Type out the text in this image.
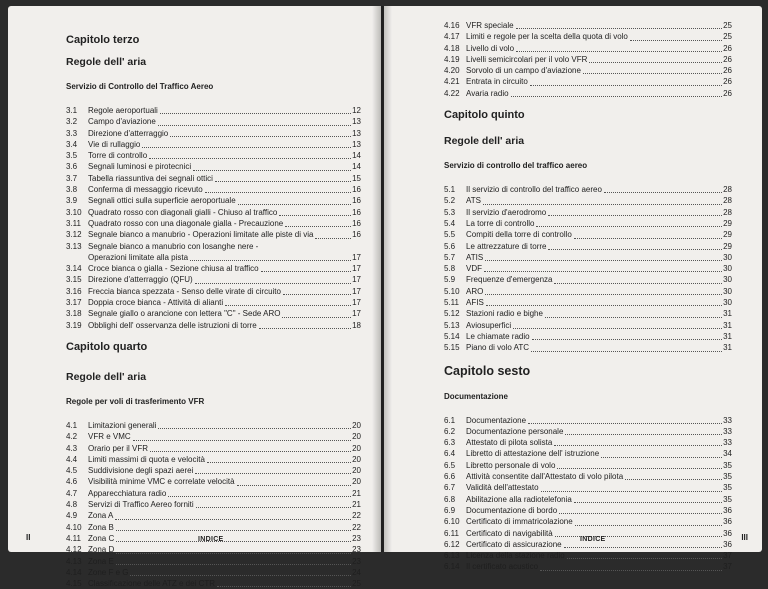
Capitolo terzo
Regole dell' aria
Servizio di Controllo del Traffico Aereo
3.1	Regole aeroportuali	12
3.2	Campo d'aviazione	13
3.3	Direzione d'atterraggio	13
3.4	Vie di rullaggio	13
3.5	Torre di controllo	14
3.6	Segnali luminosi e pirotecnici	14
3.7	Tabella riassuntiva dei segnali ottici	15
3.8	Conferma di messaggio ricevuto	16
3.9	Segnali ottici sulla superficie aeroportuale	16
3.10 Quadrato rosso con diagonali gialli - Chiuso al traffico	16
3.11 Quadrato rosso con una diagonale gialla - Precauzione	16
3.12 Segnale bianco a manubrio - Operazioni limitate alle piste di via	16
3.13 Segnale bianco a manubrio con losanghe nere -
Operazioni limitate alla pista	17
3.14 Croce bianca o gialla - Sezione chiusa al traffico	17
3.15 Direzione d'atterraggio (QFU)	17
3.16 Freccia bianca spezzata - Senso delle virate di circuito	17
3.17 Doppia croce bianca - Attività di alianti	17
3.18 Segnale giallo o arancione con lettera "C" - Sede ARO	17
3.19 Obblighi dell' osservanza delle istruzioni di torre	18
Capitolo quarto
Regole dell' aria
Regole per voli di trasferimento VFR
4.1	Limitazioni generali	20
4.2	VFR e VMC	20
4.3	Orario per il VFR	20
4.4	Limiti massimi di quota e velocità	20
4.5	Suddivisione degli spazi aerei	20
4.6	Visibilità minime VMC e correlate velocità	20
4.7	Apparecchiatura radio	21
4.8	Servizi di Traffico Aereo forniti	21
4.9	Zona A	22
4.10 Zona B	22
4.11 Zona C	23
4.12 Zona D	23
4.13 Zona E	23
4.14 Zone F e G	24
4.15 Classificazione delle ATZ e dei CTR	25
II	INDICE
4.16 VFR speciale	25
4.17 Limiti e regole per la scelta della quota di volo	25
4.18 Livello di volo	26
4.19 Livelli semicircolari per il volo VFR	26
4.20 Sorvolo di un campo d'aviazione	26
4.21 Entrata in circuito	26
4.22 Avaria radio	26
Capitolo quinto
Regole dell' aria
Servizio di controllo del traffico aereo
5.1	Il servizio di controllo del traffico aereo	28
5.2	ATS	28
5.3	Il servizio d'aerodromo	28
5.4	La torre di controllo	29
5.5	Compiti della torre di controllo	29
5.6	Le attrezzature di torre	29
5.7	ATIS	30
5.8	VDF	30
5.9	Frequenze d'emergenza	30
5.10 ARO	30
5.11 AFIS	30
5.12 Stazioni radio e bighe	31
5.13 Aviosuperfici	31
5.14 Le chiamate radio	31
5.15 Piano di volo ATC	31
Capitolo sesto
Documentazione
6.1	Documentazione	33
6.2	Documentazione personale	33
6.3	Attestato di pilota solista	33
6.4	Libretto di attestazione dell' istruzione	34
6.5	Libretto personale di volo	35
6.6	Attività consentite dall'Attestato di volo pilota	35
6.7	Validità dell'attestato	35
6.8	Abilitazione alla radiotelefonia	35
6.9	Documentazione di bordo	36
6.10 Certificato di immatricolazione	36
6.11 Certificato di navigabilità	36
6.12 Certificato di assicurazione	36
6.13 Licenza della stazione radio	37
6.14 Il certificato acustico	37
III
INDICE
